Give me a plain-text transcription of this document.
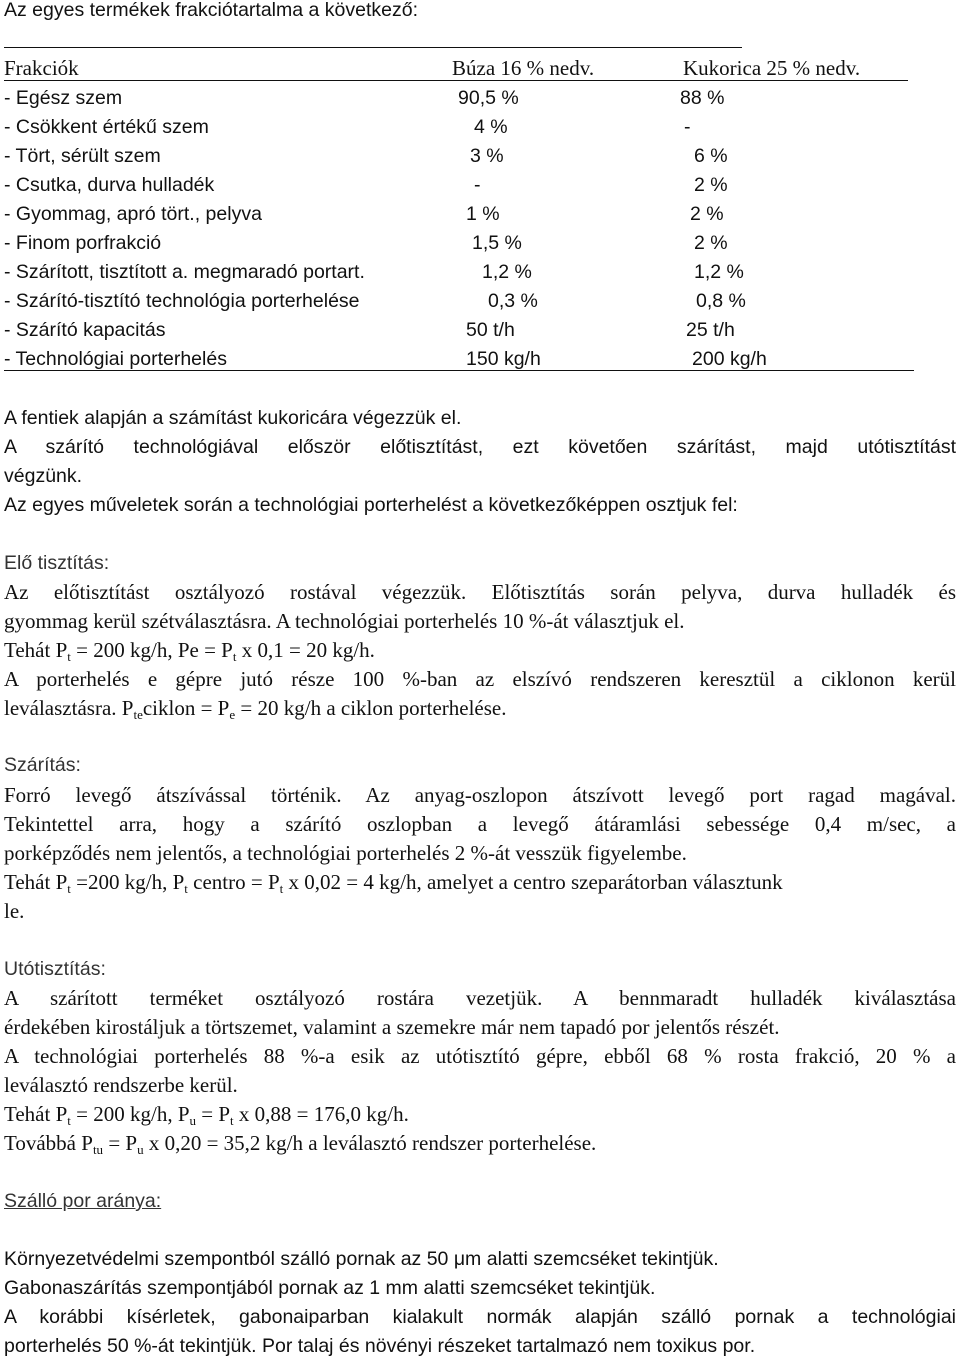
Az egyes termékek frakciótartalma a következő:
Frakciók	Búza 16 % nedv.	Kukorica 25 % nedv.
- Egész szem	90,5 %	88 %
- Csökkent értékű szem	4 %	-
- Tört, sérült szem	3 %	6 %
- Csutka, durva hulladék	-	2 %
- Gyommag, apró tört., pelyva	1 %	2 %
- Finom porfrakció	1,5 %	2 %
- Szárított, tisztított a. megmaradó portart.	1,2 %	1,2 %
- Szárító-tisztító technológia porterhelése	0,3 %	0,8 %
- Szárító kapacitás	50 t/h	25 t/h
- Technológiai porterhelés	150 kg/h	200 kg/h
A fentiek alapján a számítást kukoricára végezzük el.
A szárító technológiával először előtisztítást, ezt követően szárítást, majd utótisztítást
végzünk.
Az egyes műveletek során a technológiai porterhelést a következőképpen osztjuk fel:
Elő tisztítás:
Az előtisztítást osztályozó rostával végezzük. Előtisztítás során pelyva, durva hulladék és
gyommag kerül szétválasztásra. A technológiai porterhelés 10 %-át választjuk el.
Tehát $P_t = 200$ kg/h, $Pe = P_t$ x 0,1 = 20 kg/h.
A porterhelés e gépre jutó része 100 %-ban az elszívó rendszeren keresztül a ciklonon kerül
leválasztásra. $P_{te}ciklon = P_e = 20$ kg/h a ciklon porterhelése.
Szárítás:
Forró levegő átszívással történik. Az anyag-oszlopon átszívott levegő port ragad magával.
Tekintettel arra, hogy a szárító oszlopban a levegő átáramlási sebessége 0,4 m/sec, a
porképződés nem jelentős, a technológiai porterhelés 2 %-át vesszük figyelembe.
Tehát $P_t =200$ kg/h, $P_t$ centro = $P_t$ x 0,02 = 4 kg/h, amelyet a centro szeparátorban választunk
le.
Utótisztítás:
A szárított terméket osztályozó rostára vezetjük. A bennmaradt hulladék kiválasztása
érdekében kirostáljuk a törtszemet, valamint a szemekre már nem tapadó por jelentős részét.
A technológiai porterhelés 88 %-a esik az utótisztító gépre, ebből 68 % rosta frakció, 20 % a
leválasztó rendszerbe kerül.
Tehát $P_t = 200$ kg/h, $P_u = P_t$ x 0,88 = 176,0 kg/h.
Továbbá $P_{tu} = P_u$ x 0,20 = 35,2 kg/h a leválasztó rendszer porterhelése.
Szálló por aránya:
Környezetvédelmi szempontból szálló pornak az 50 μm alatti szemcséket tekintjük.
Gabonaszárítás szempontjából pornak az 1 mm alatti szemcséket tekintjük.
A korábbi kísérletek, gabonaiparban kialakult normák alapján szálló pornak a technológiai
porterhelés 50 %-át tekintjük. Por talaj és növényi részeket tartalmazó nem toxikus por.
